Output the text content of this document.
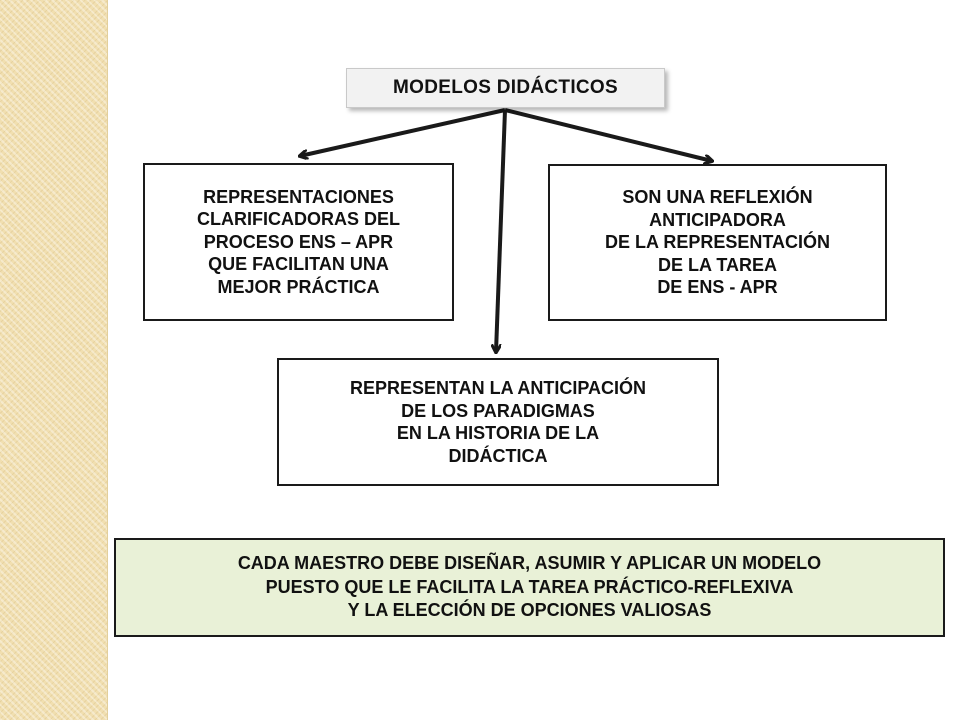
MODELOS DIDÁCTICOS
REPRESENTACIONES
CLARIFICADORAS DEL
PROCESO ENS – APR
QUE FACILITAN UNA
MEJOR PRÁCTICA
SON UNA REFLEXIÓN
ANTICIPADORA
DE LA REPRESENTACIÓN
DE LA TAREA
DE ENS - APR
REPRESENTAN LA ANTICIPACIÓN
DE LOS PARADIGMAS
EN LA HISTORIA DE LA
DIDÁCTICA
CADA MAESTRO DEBE DISEÑAR, ASUMIR Y APLICAR UN MODELO
PUESTO QUE LE FACILITA LA TAREA PRÁCTICO-REFLEXIVA
Y LA ELECCIÓN DE OPCIONES VALIOSAS
